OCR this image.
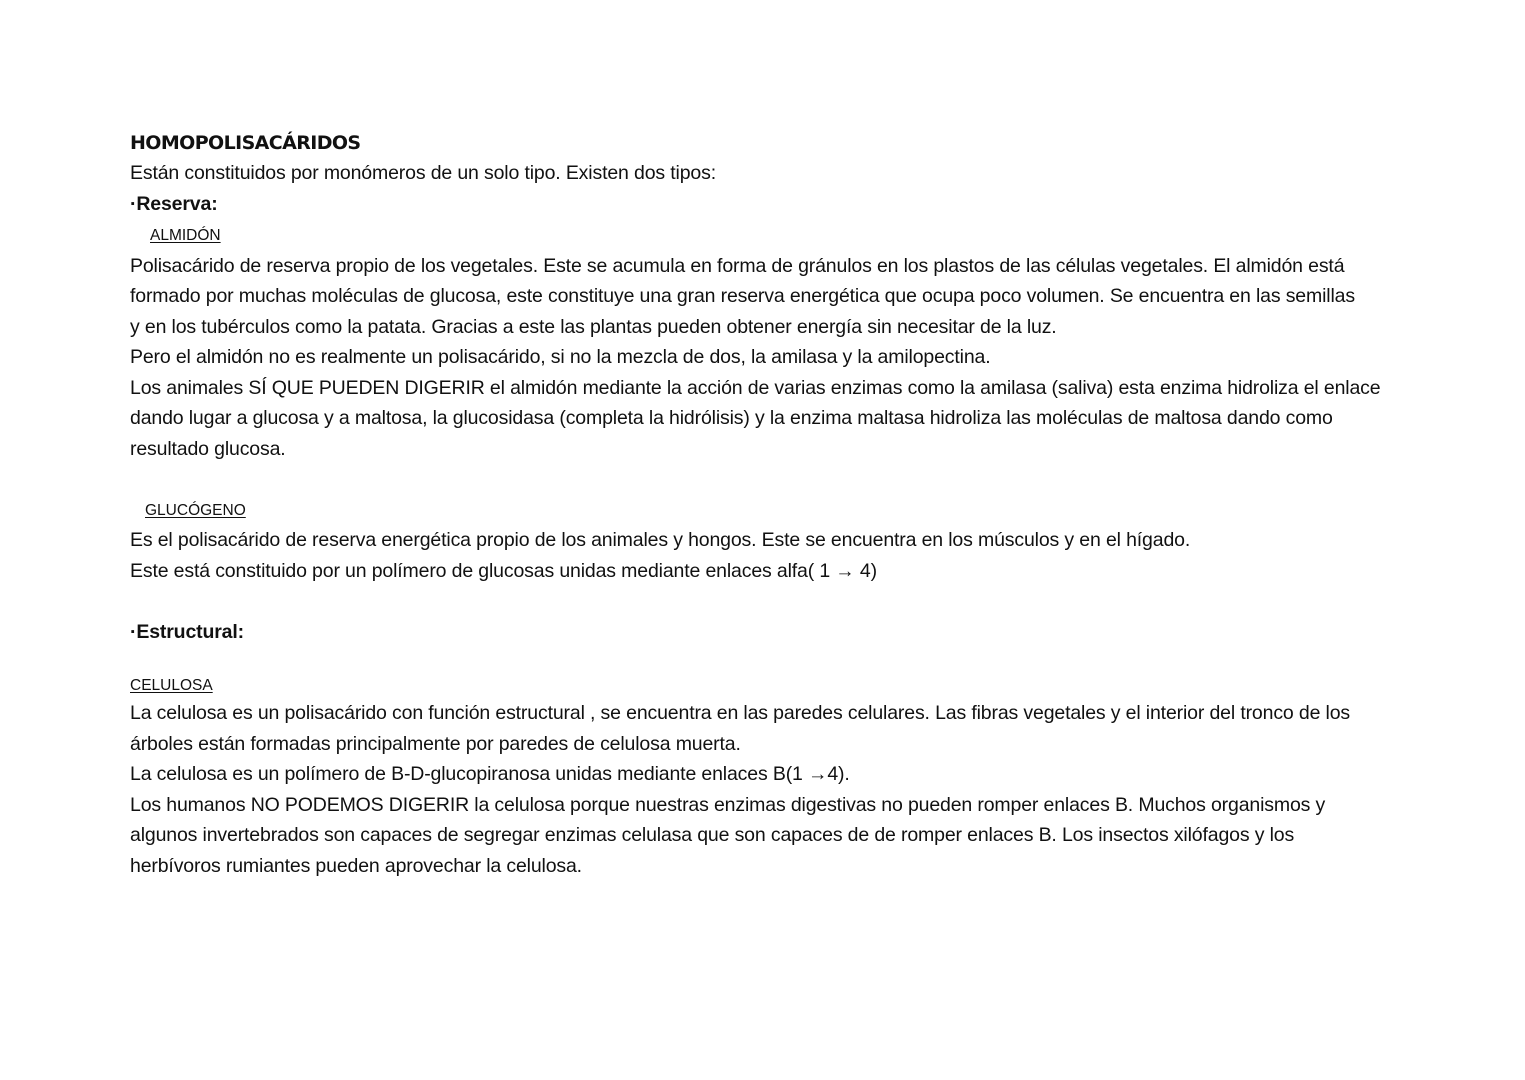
HOMOPOLISACÁRIDOS
Están constituidos por monómeros de un solo tipo. Existen dos tipos:
·Reserva:
ALMIDÓN
Polisacárido de reserva propio de los vegetales. Este se acumula en forma de gránulos en los plastos de las células vegetales. El almidón está
formado por muchas moléculas de glucosa, este constituye una gran reserva energética que ocupa poco volumen. Se encuentra en las semillas
y en los tubérculos como la patata. Gracias a este las plantas pueden obtener energía sin necesitar de la luz.
Pero el almidón no es realmente un polisacárido, si no la mezcla de dos, la amilasa y la amilopectina.
Los animales SÍ QUE PUEDEN DIGERIR el almidón mediante la acción de varias enzimas como la amilasa (saliva) esta enzima hidroliza el enlace
dando lugar a glucosa y a maltosa, la glucosidasa (completa la hidrólisis) y la enzima maltasa hidroliza las moléculas de maltosa dando como
resultado glucosa.
GLUCÓGENO
Es el polisacárido de reserva energética propio de los animales y hongos. Este se encuentra en los músculos y en el hígado.
Este está constituido por un polímero de glucosas unidas mediante enlaces alfa( 1 → 4)
·Estructural:
CELULOSA
La celulosa es un polisacárido con función estructural , se encuentra en las paredes celulares. Las fibras vegetales y el interior del tronco de los
árboles están formadas principalmente por paredes de celulosa muerta.
La celulosa es un polímero de B-D-glucopiranosa unidas mediante enlaces B(1 →4).
Los humanos NO PODEMOS DIGERIR la celulosa porque nuestras enzimas digestivas no pueden romper enlaces B. Muchos organismos y
algunos invertebrados son capaces de segregar enzimas celulasa que son capaces de de romper enlaces B. Los insectos xilófagos y los
herbívoros rumiantes pueden aprovechar la celulosa.
